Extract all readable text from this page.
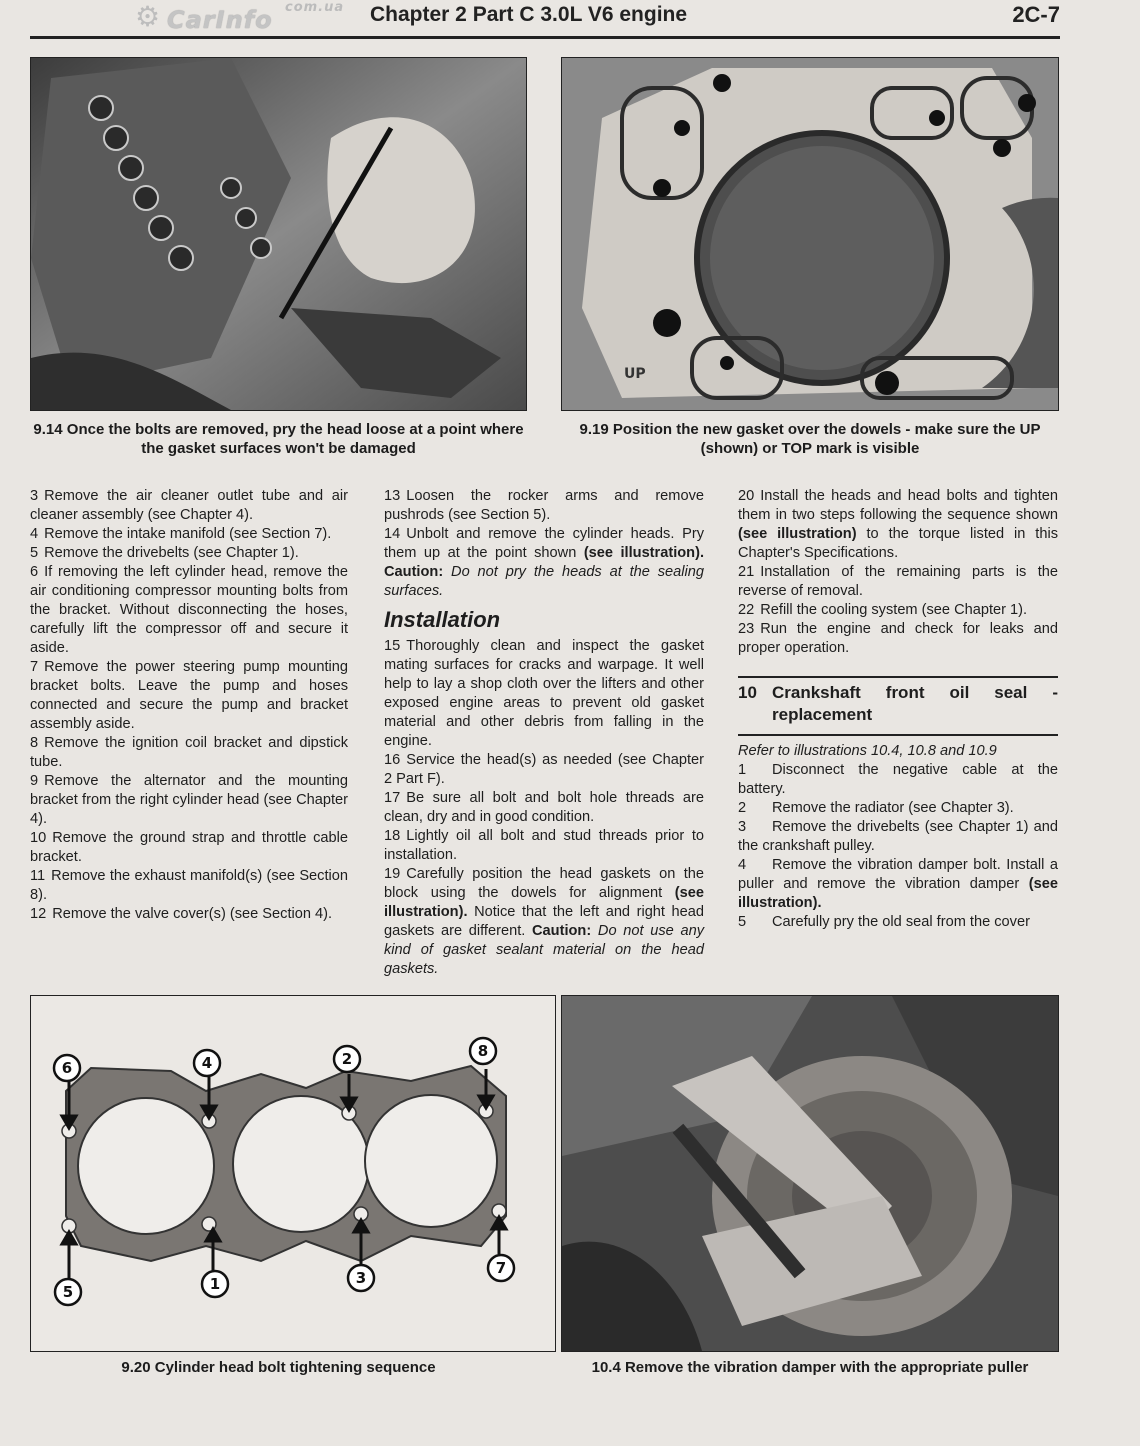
⚙ CarInfo com.ua Chapter 2 Part C 3.0L V6 engine	2C-7
9.14 Once the bolts are removed, pry the head loose at a point where the gasket surfaces won't be damaged
UP
9.19 Position the new gasket over the dowels - make sure the UP (shown) or TOP mark is visible

3 Remove the air cleaner outlet tube and air cleaner assembly (see Chapter 4).

4 Remove the intake manifold (see Section 7).

5 Remove the drivebelts (see Chapter 1).

6 If removing the left cylinder head, remove the air conditioning compressor mounting bolts from the bracket. Without disconnecting the hoses, carefully lift the compressor off and secure it aside.

7 Remove the power steering pump mounting bracket bolts. Leave the pump and hoses connected and secure the pump and bracket assembly aside.

8 Remove the ignition coil bracket and dipstick tube.

9 Remove the alternator and the mounting bracket from the right cylinder head (see Chapter 4).

10 Remove the ground strap and throttle cable bracket.

11 Remove the exhaust manifold(s) (see Section 8).

12 Remove the valve cover(s) (see Section 4).

13 Loosen the rocker arms and remove pushrods (see Section 5).

14 Unbolt and remove the cylinder heads. Pry them up at the point shown (see illustration). Caution: Do not pry the heads at the sealing surfaces.

Installation

15 Thoroughly clean and inspect the gasket mating surfaces for cracks and warpage. It well help to lay a shop cloth over the lifters and other exposed engine areas to prevent old gasket material and other debris from falling in the engine.

16 Service the head(s) as needed (see Chapter 2 Part F).

17 Be sure all bolt and bolt hole threads are clean, dry and in good condition.

18 Lightly oil all bolt and stud threads prior to installation.

19 Carefully position the head gaskets on the block using the dowels for alignment (see illustration). Notice that the left and right head gaskets are different. Caution: Do not use any kind of gasket sealant material on the head gaskets.

20 Install the heads and head bolts and tighten them in two steps following the sequence shown (see illustration) to the torque listed in this Chapter's Specifications.

21 Installation of the remaining parts is the reverse of removal.

22 Refill the cooling system (see Chapter 1).

23 Run the engine and check for leaks and proper operation.

10 Crankshaft front oil seal - replacement

Refer to illustrations 10.4, 10.8 and 10.9

1 Disconnect the negative cable at the battery.

2 Remove the radiator (see Chapter 3).

3 Remove the drivebelts (see Chapter 1) and the crankshaft pulley.

4 Remove the vibration damper bolt. Install a puller and remove the vibration damper (see illustration).

5 Carefully pry the old seal from the cover

6	4	2	8
5	1	3
7
9.20 Cylinder head bolt tightening sequence	10.4 Remove the vibration damper with the appropriate puller
